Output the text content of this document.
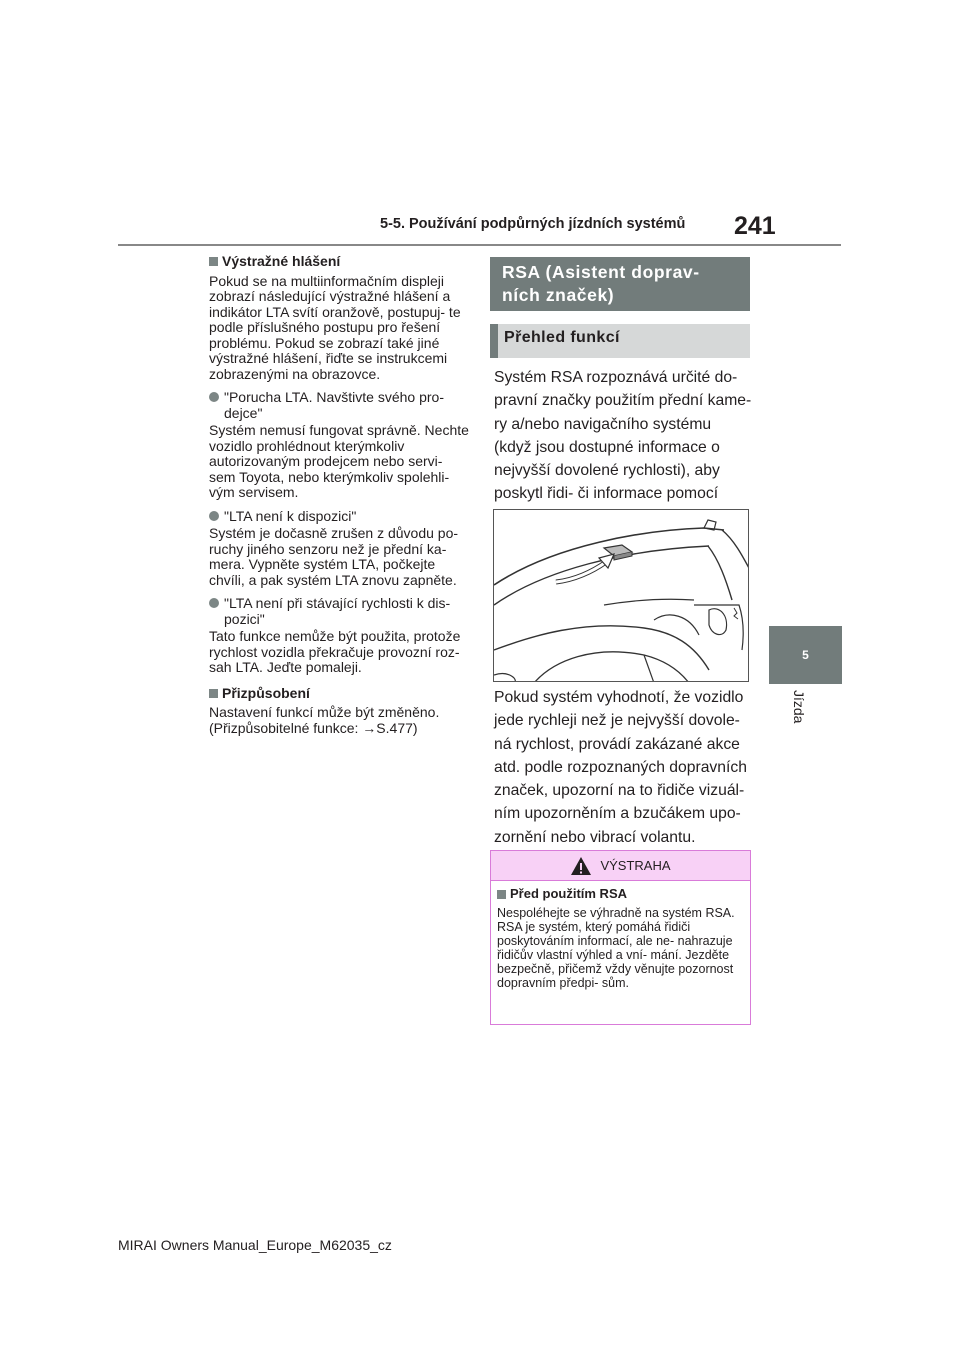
5-5. Používání podpůrných jízdních systémů 241
5
Jízda
Výstražné hlášení

Pokud se na multiinformačním displeji zobrazí následující výstražné hlášení a indikátor LTA svítí oranžově, postupuj- te podle příslušného postupu pro řešení problému. Pokud se zobrazí také jiné výstražné hlášení, řiďte se instrukcemi zobrazenými na obrazovce.

"Porucha LTA. Navštivte svého pro- dejce"

Systém nemusí fungovat správně. Nechte vozidlo prohlédnout kterýmkoliv autorizovaným prodejcem nebo servi- sem Toyota, nebo kterýmkoliv spolehli- vým servisem.

"LTA není k dispozici"

Systém je dočasně zrušen z důvodu po- ruchy jiného senzoru než je přední ka- mera. Vypněte systém LTA, počkejte chvíli, a pak systém LTA znovu zapněte.

"LTA není při stávající rychlosti k dis- pozici"

Tato funkce nemůže být použita, protože rychlost vozidla překračuje provozní roz- sah LTA. Jeďte pomaleji.

Přizpůsobení

Nastavení funkcí může být změněno. (Přizpůsobitelné funkce: →S.477)

RSA (Asistent doprav- ních značek)
Přehled funkcí
Systém RSA rozpoznává určité do- pravní značky použitím přední kame- ry a/nebo navigačního systému (když jsou dostupné informace o nejvyšší dovolené rychlosti), aby poskytl řidi- či informace pomocí
Pokud systém vyhodnotí, že vozidlo jede rychleji než je nejvyšší dovole- ná rychlost, provádí zakázané akce atd. podle rozpoznaných dopravních značek, upozorní na to řidiče vizuál- ním upozorněním a bzučákem upo- zornění nebo vibrací volantu.
VÝSTRAHA
Před použitím RSA
Nespoléhejte se výhradně na systém RSA. RSA je systém, který pomáhá řidiči poskytováním informací, ale ne- nahrazuje řidičův vlastní výhled a vní- mání. Jezděte bezpečně, přičemž vždy věnujte pozornost dopravním předpi- sům.
MIRAI Owners Manual_Europe_M62035_cz
